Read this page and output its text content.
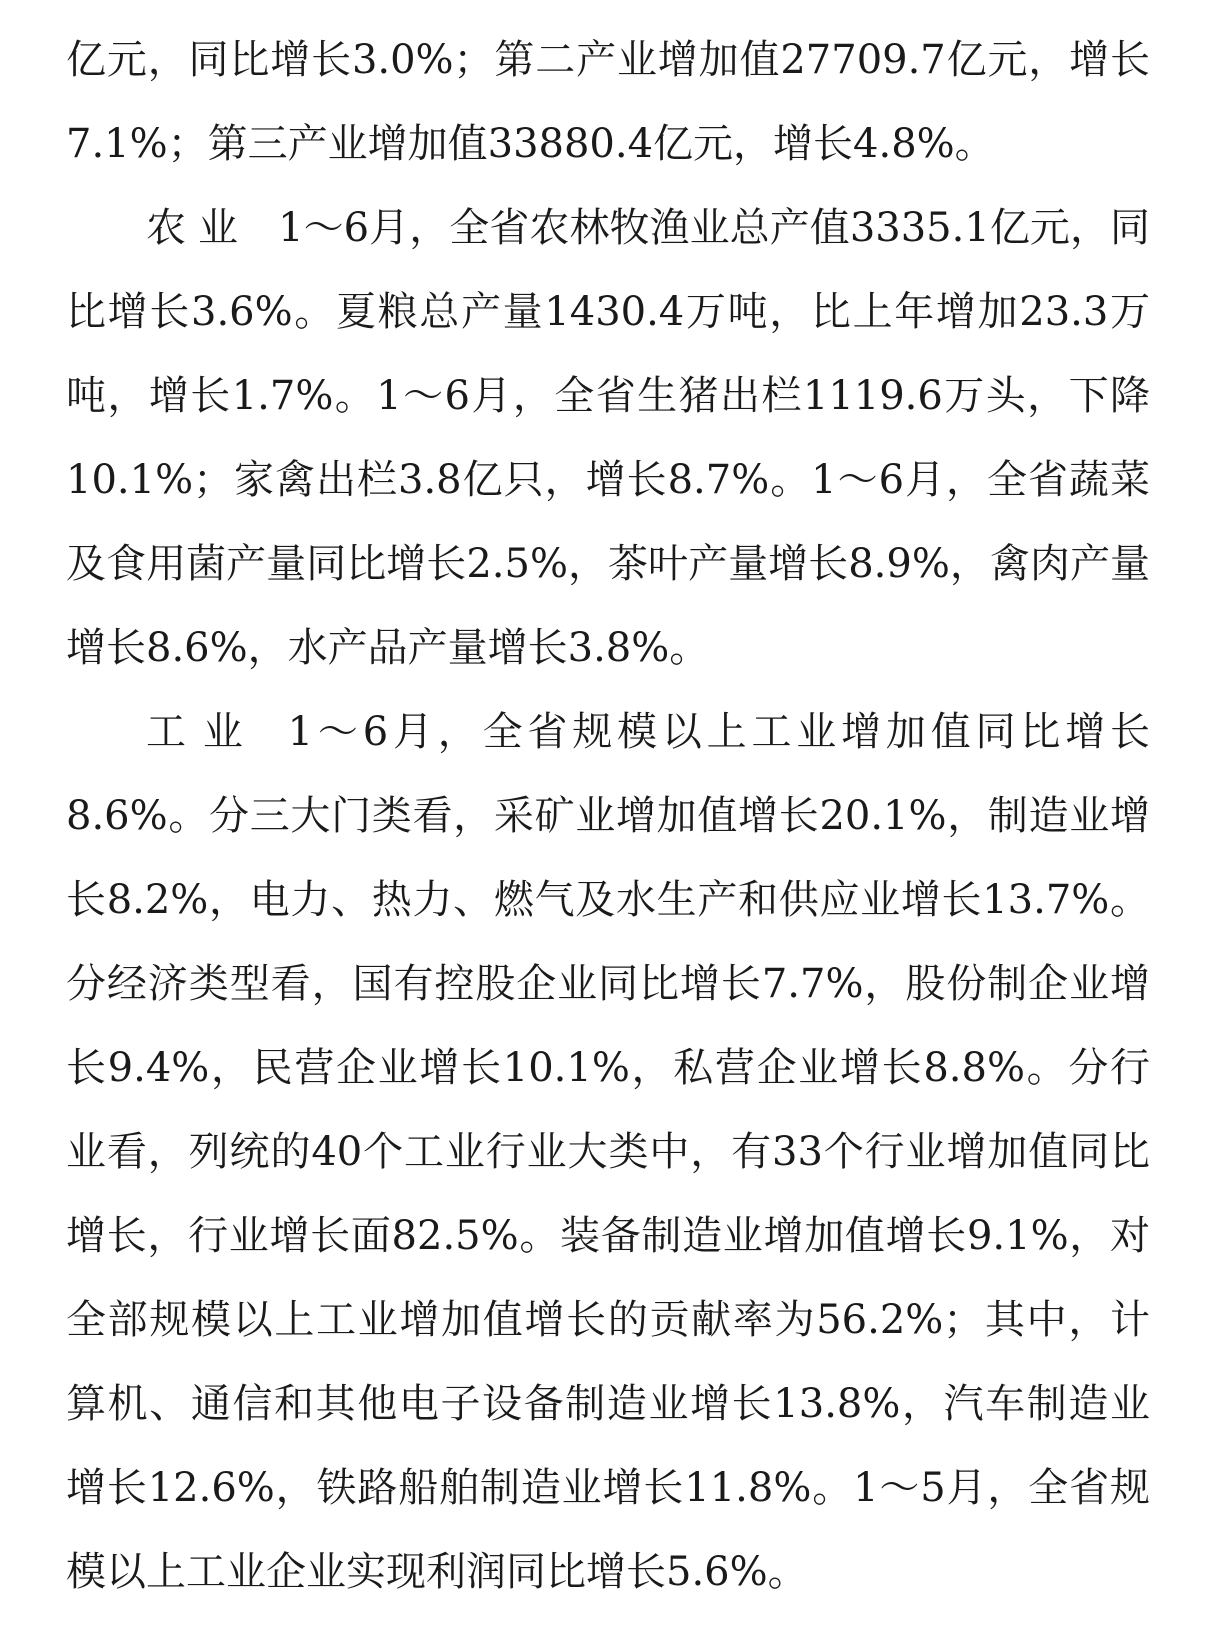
亿元，同比增长3.0%；第二产业增加值27709.7亿元，增长7.1%；第三产业增加值33880.4亿元，增长4.8%。

农业 1～6月，全省农林牧渔业总产值3335.1亿元，同比增长3.6%。夏粮总产量1430.4万吨，比上年增加23.3万吨，增长1.7%。1～6月，全省生猪出栏1119.6万头，下降10.1%；家禽出栏3.8亿只，增长8.7%。1～6月，全省蔬菜及食用菌产量同比增长2.5%，茶叶产量增长8.9%，禽肉产量增长8.6%，水产品产量增长3.8%。

工业 1～6月，全省规模以上工业增加值同比增长8.6%。分三大门类看，采矿业增加值增长20.1%，制造业增长8.2%，电力、热力、燃气及水生产和供应业增长13.7%。分经济类型看，国有控股企业同比增长7.7%，股份制企业增长9.4%，民营企业增长10.1%，私营企业增长8.8%。分行业看，列统的40个工业行业大类中，有33个行业增加值同比增长，行业增长面82.5%。装备制造业增加值增长9.1%，对全部规模以上工业增加值增长的贡献率为56.2%；其中，计算机、通信和其他电子设备制造业增长13.8%，汽车制造业增长12.6%，铁路船舶制造业增长11.8%。1～5月，全省规模以上工业企业实现利润同比增长5.6%。
